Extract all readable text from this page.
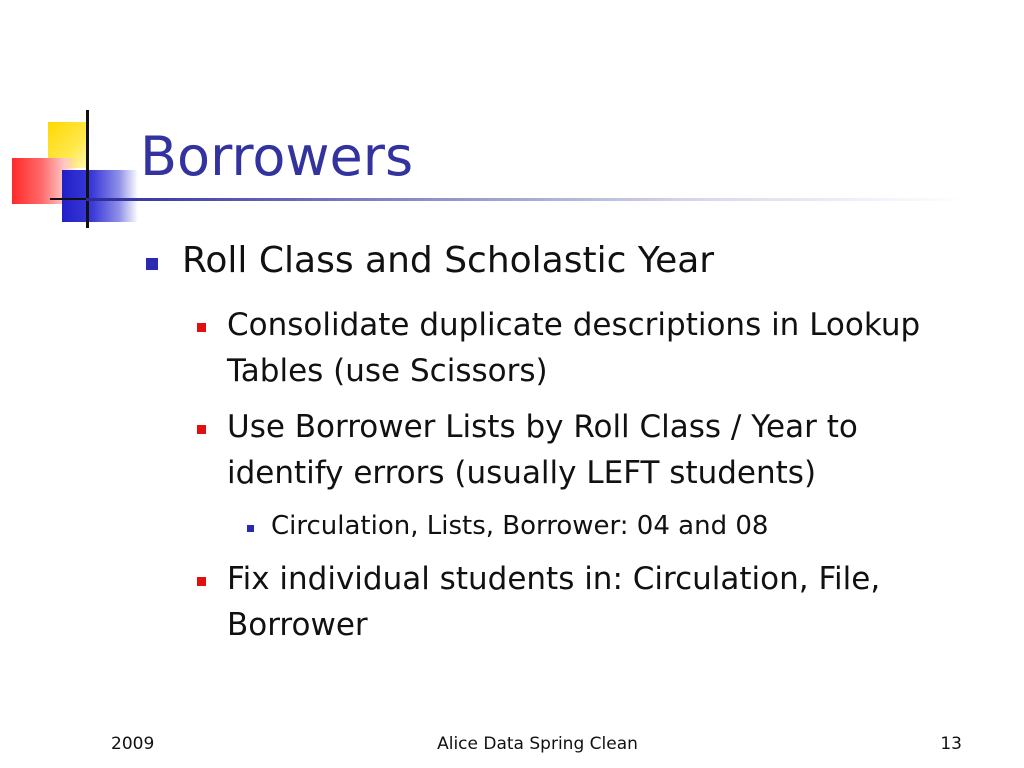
Borrowers
Roll Class and Scholastic Year
Consolidate duplicate descriptions in Lookup Tables (use Scissors)
Use Borrower Lists by Roll Class / Year to identify errors (usually LEFT students)
Circulation, Lists, Borrower: 04 and 08
Fix individual students in: Circulation, File, Borrower
2009	Alice Data Spring Clean	13
